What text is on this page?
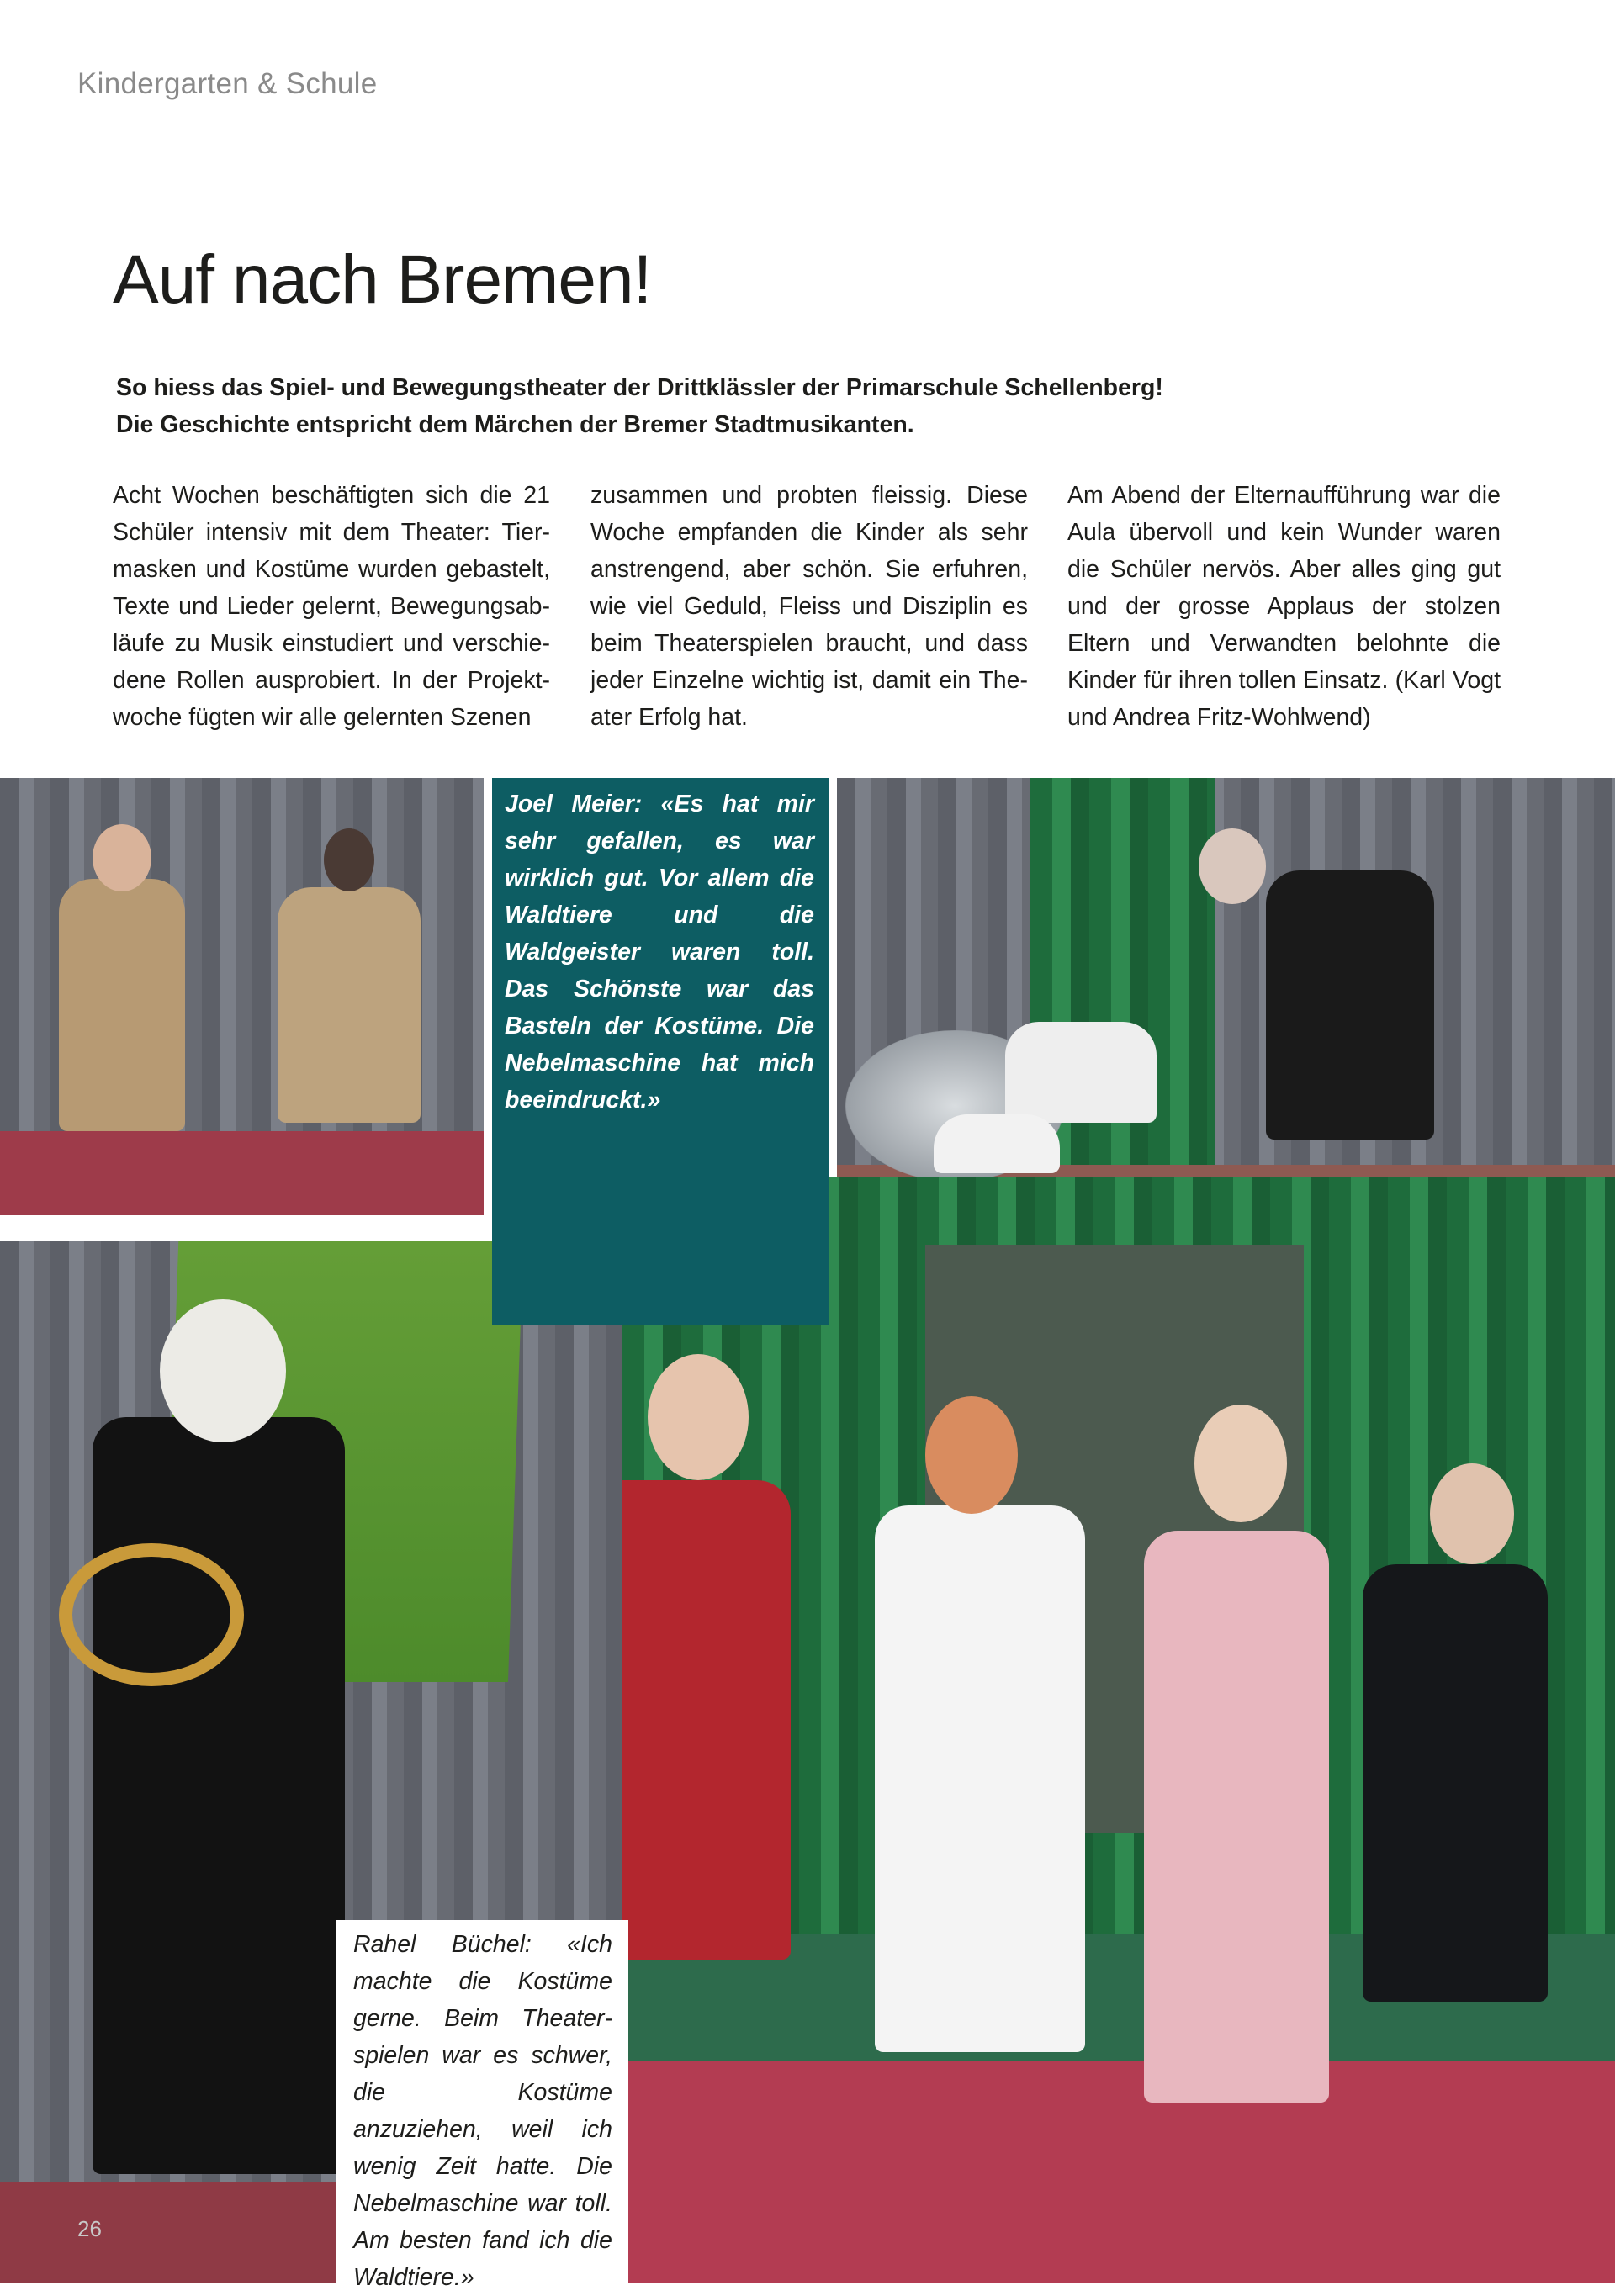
Kindergarten & Schule
Auf nach Bremen!

So hiess das Spiel- und Bewegungstheater der Drittklässler der Primarschule Schellenberg!
Die Geschichte entspricht dem Märchen der Bremer Stadtmusikanten.

Acht Wochen beschäftigten sich die 21 Schüler intensiv mit dem Theater: Tiermasken und Kostüme wurden gebastelt, Texte und Lieder gelernt, Bewegungsabläufe zu Musik einstudiert und verschiedene Rollen ausprobiert. In der Projektwoche fügten wir alle gelernten Szenen

zusammen und probten fleissig. Diese Woche empfanden die Kinder als sehr anstrengend, aber schön. Sie erfuhren, wie viel Geduld, Fleiss und Disziplin es beim Theaterspielen braucht, und dass jeder Einzelne wichtig ist, damit ein Theater Erfolg hat.

Am Abend der Elternaufführung war die Aula übervoll und kein Wunder waren die Schüler nervös. Aber alles ging gut und der grosse Applaus der stolzen Eltern und Verwandten belohnte die Kinder für ihren tollen Einsatz. (Karl Vogt und Andrea Fritz-Wohlwend)

Joel Meier: «Es hat mir sehr gefallen, es war wirklich gut. Vor allem die Waldtiere und die Waldgeister waren toll. Das Schönste war das Basteln der Kostüme. Die Nebelmaschine hat mich beeindruckt.»

Rahel Büchel: «Ich machte die Kostüme gerne. Beim Theaterspielen war es schwer, die Kostüme anzuziehen, weil ich wenig Zeit hatte. Die Nebelmaschine war toll. Am besten fand ich die Waldtiere.»

26
